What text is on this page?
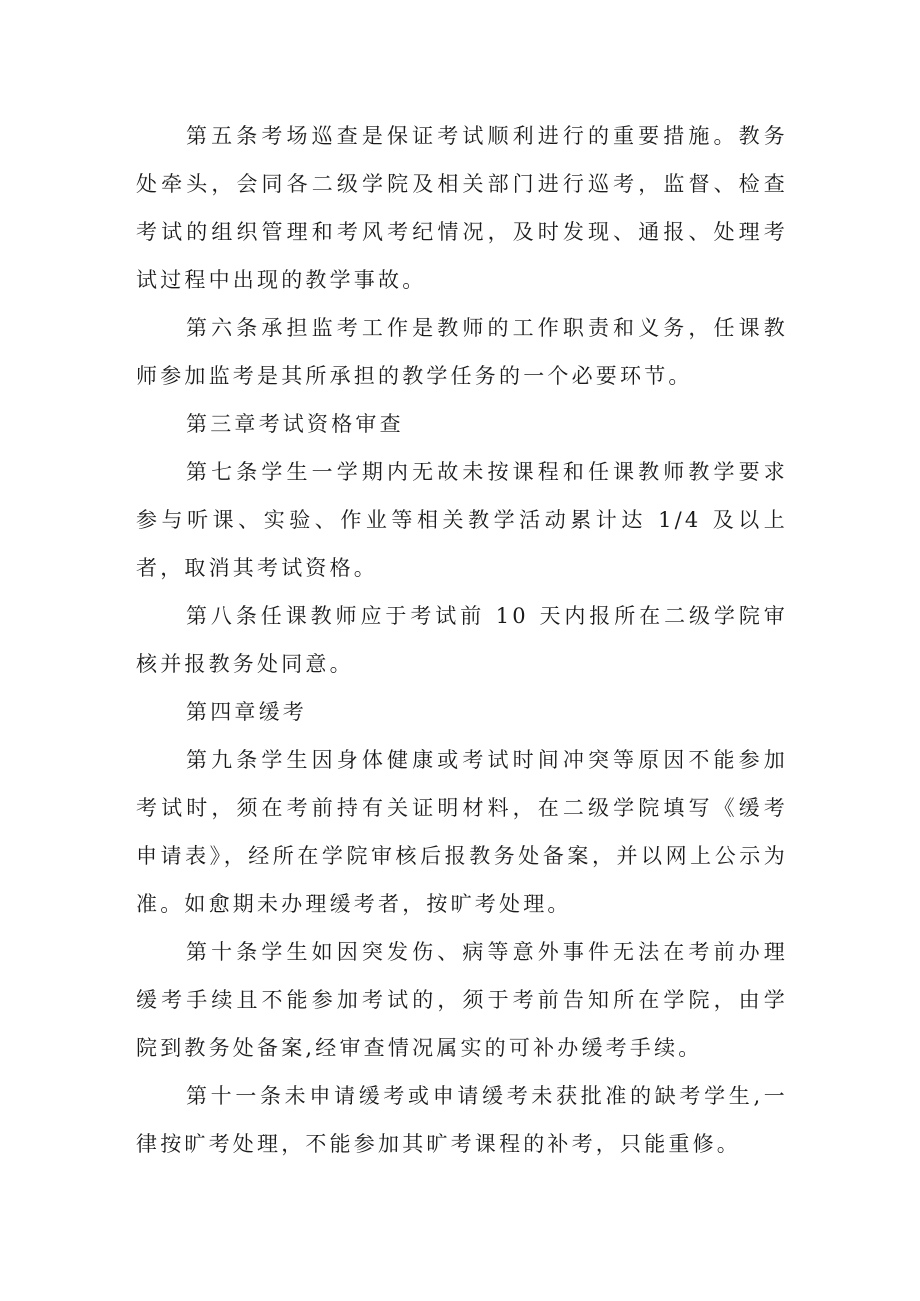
第五条考场巡查是保证考试顺利进行的重要措施。教务处牵头，会同各二级学院及相关部门进行巡考，监督、检查考试的组织管理和考风考纪情况，及时发现、通报、处理考试过程中出现的教学事故。

第六条承担监考工作是教师的工作职责和义务，任课教师参加监考是其所承担的教学任务的一个必要环节。

第三章考试资格审查

第七条学生一学期内无故未按课程和任课教师教学要求参与听课、实验、作业等相关教学活动累计达 1/4 及以上者，取消其考试资格。

第八条任课教师应于考试前 10 天内报所在二级学院审核并报教务处同意。

第四章缓考

第九条学生因身体健康或考试时间冲突等原因不能参加考试时，须在考前持有关证明材料，在二级学院填写《缓考申请表》，经所在学院审核后报教务处备案，并以网上公示为准。如愈期未办理缓考者，按旷考处理。

第十条学生如因突发伤、病等意外事件无法在考前办理缓考手续且不能参加考试的，须于考前告知所在学院，由学院到教务处备案,经审查情况属实的可补办缓考手续。

第十一条未申请缓考或申请缓考未获批准的缺考学生,一律按旷考处理，不能参加其旷考课程的补考，只能重修。
